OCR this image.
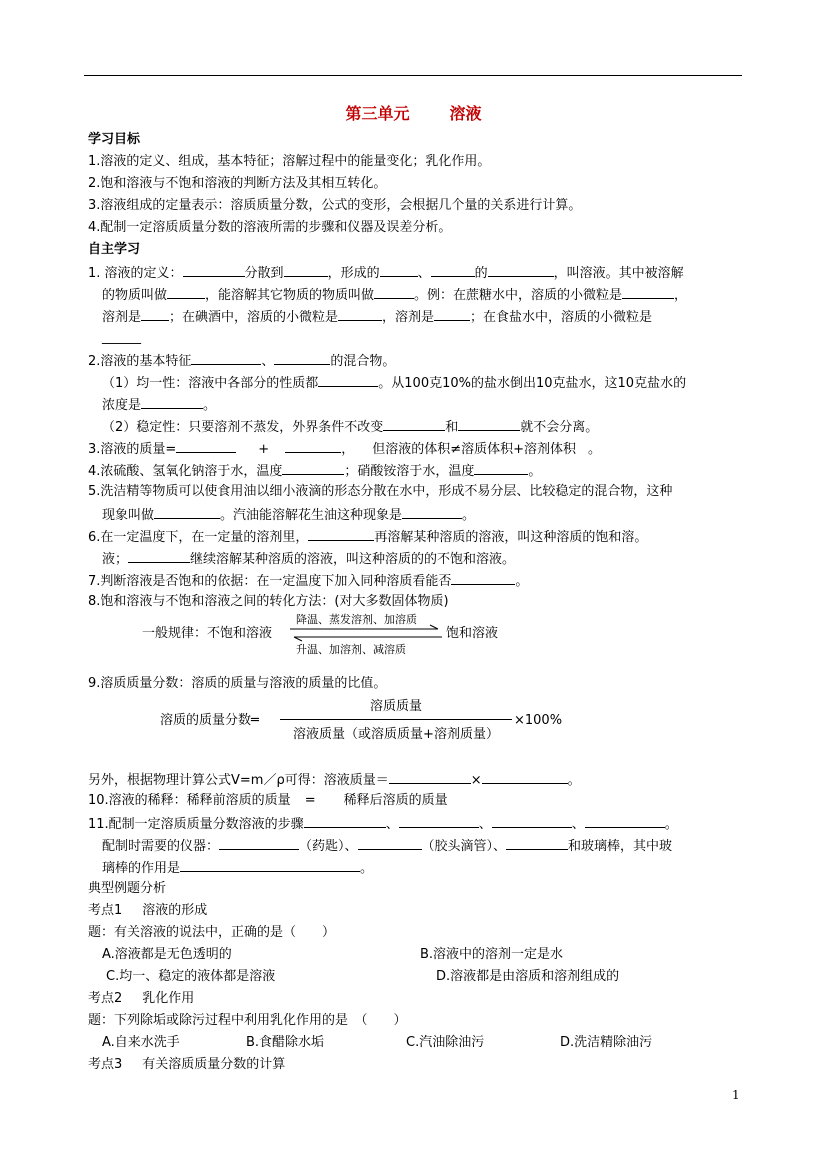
第三单元	溶液
学习目标
1.溶液的定义、组成，基本特征；溶解过程中的能量变化；乳化作用。
2.饱和溶液与不饱和溶液的判断方法及其相互转化。
3.溶液组成的定量表示：溶质质量分数，公式的变形，会根据几个量的关系进行计算。
4.配制一定溶质质量分数的溶液所需的步骤和仪器及误差分析。
自主学习
1. 溶液的定义：	分散到	，形成的	、	的	，叫溶液。其中被溶解
的物质叫做	，能溶解其它物质的物质叫做	。例：在蔗糖水中，溶质的小微粒是	，
溶剂是 ；在碘酒中，溶质的小微粒是	，溶剂是	；在食盐水中，溶质的小微粒是
______
2.溶液的基本特征	、	的混合物。
（1）均一性：溶液中各部分的性质都	。从100克10%的盐水倒出10克盐水，这10克盐水的
浓度是	。
（2）稳定性：只要溶剂不蒸发，外界条件不改变	和	就不会分离。
3.溶液的质量=	+	， 但溶液的体积≠溶质体积+溶剂体积 。
4.浓硫酸、氢氧化钠溶于水，温度	；硝酸铵溶于水，温度	。
5.洗洁精等物质可以使食用油以细小液滴的形态分散在水中，形成不易分层、比较稳定的混合物，这种
现象叫做	。汽油能溶解花生油这种现象是	。
6.在一定温度下，在一定量的溶剂里，	再溶解某种溶质的溶液，叫这种溶质的饱和溶。
液；	继续溶解某种溶质的溶液，叫这种溶质的的不饱和溶液。
7.判断溶液是否饱和的依据：在一定温度下加入同种溶质看能否	。
8.饱和溶液与不饱和溶液之间的转化方法：(对大多数固体物质)
一般规律：不饱和溶液
降温、蒸发溶剂、加溶质
升温、加溶剂、减溶质
饱和溶液
9.溶质质量分数：溶质的质量与溶液的质量的比值。
溶质的质量分数═
溶质质量
溶液质量（或溶质质量+溶剂质量）
×100%
另外，根据物理计算公式V=m／ρ可得：溶液质量＝	×	。
10.溶液的稀释：稀释前溶质的质量 = 稀释后溶质的质量
11.配制一定溶质质量分数溶液的步骤	、	、	、	。
配制时需要的仪器：	（药匙）、	（胶头滴管）、	和玻璃棒，其中玻
璃棒的作用是	。
典型例题分析
考点1 溶液的形成
题：有关溶液的说法中，正确的是（　　）
A.溶液都是无色透明的	B.溶液中的溶剂一定是水
C.均一、稳定的液体都是溶液	D.溶液都是由溶质和溶剂组成的
考点2 乳化作用
题：下列除垢或除污过程中利用乳化作用的是　（　　）
A.自来水洗手	B.食醋除水垢	C.汽油除油污	D.洗洁精除油污
考点3 有关溶质质量分数的计算
1
